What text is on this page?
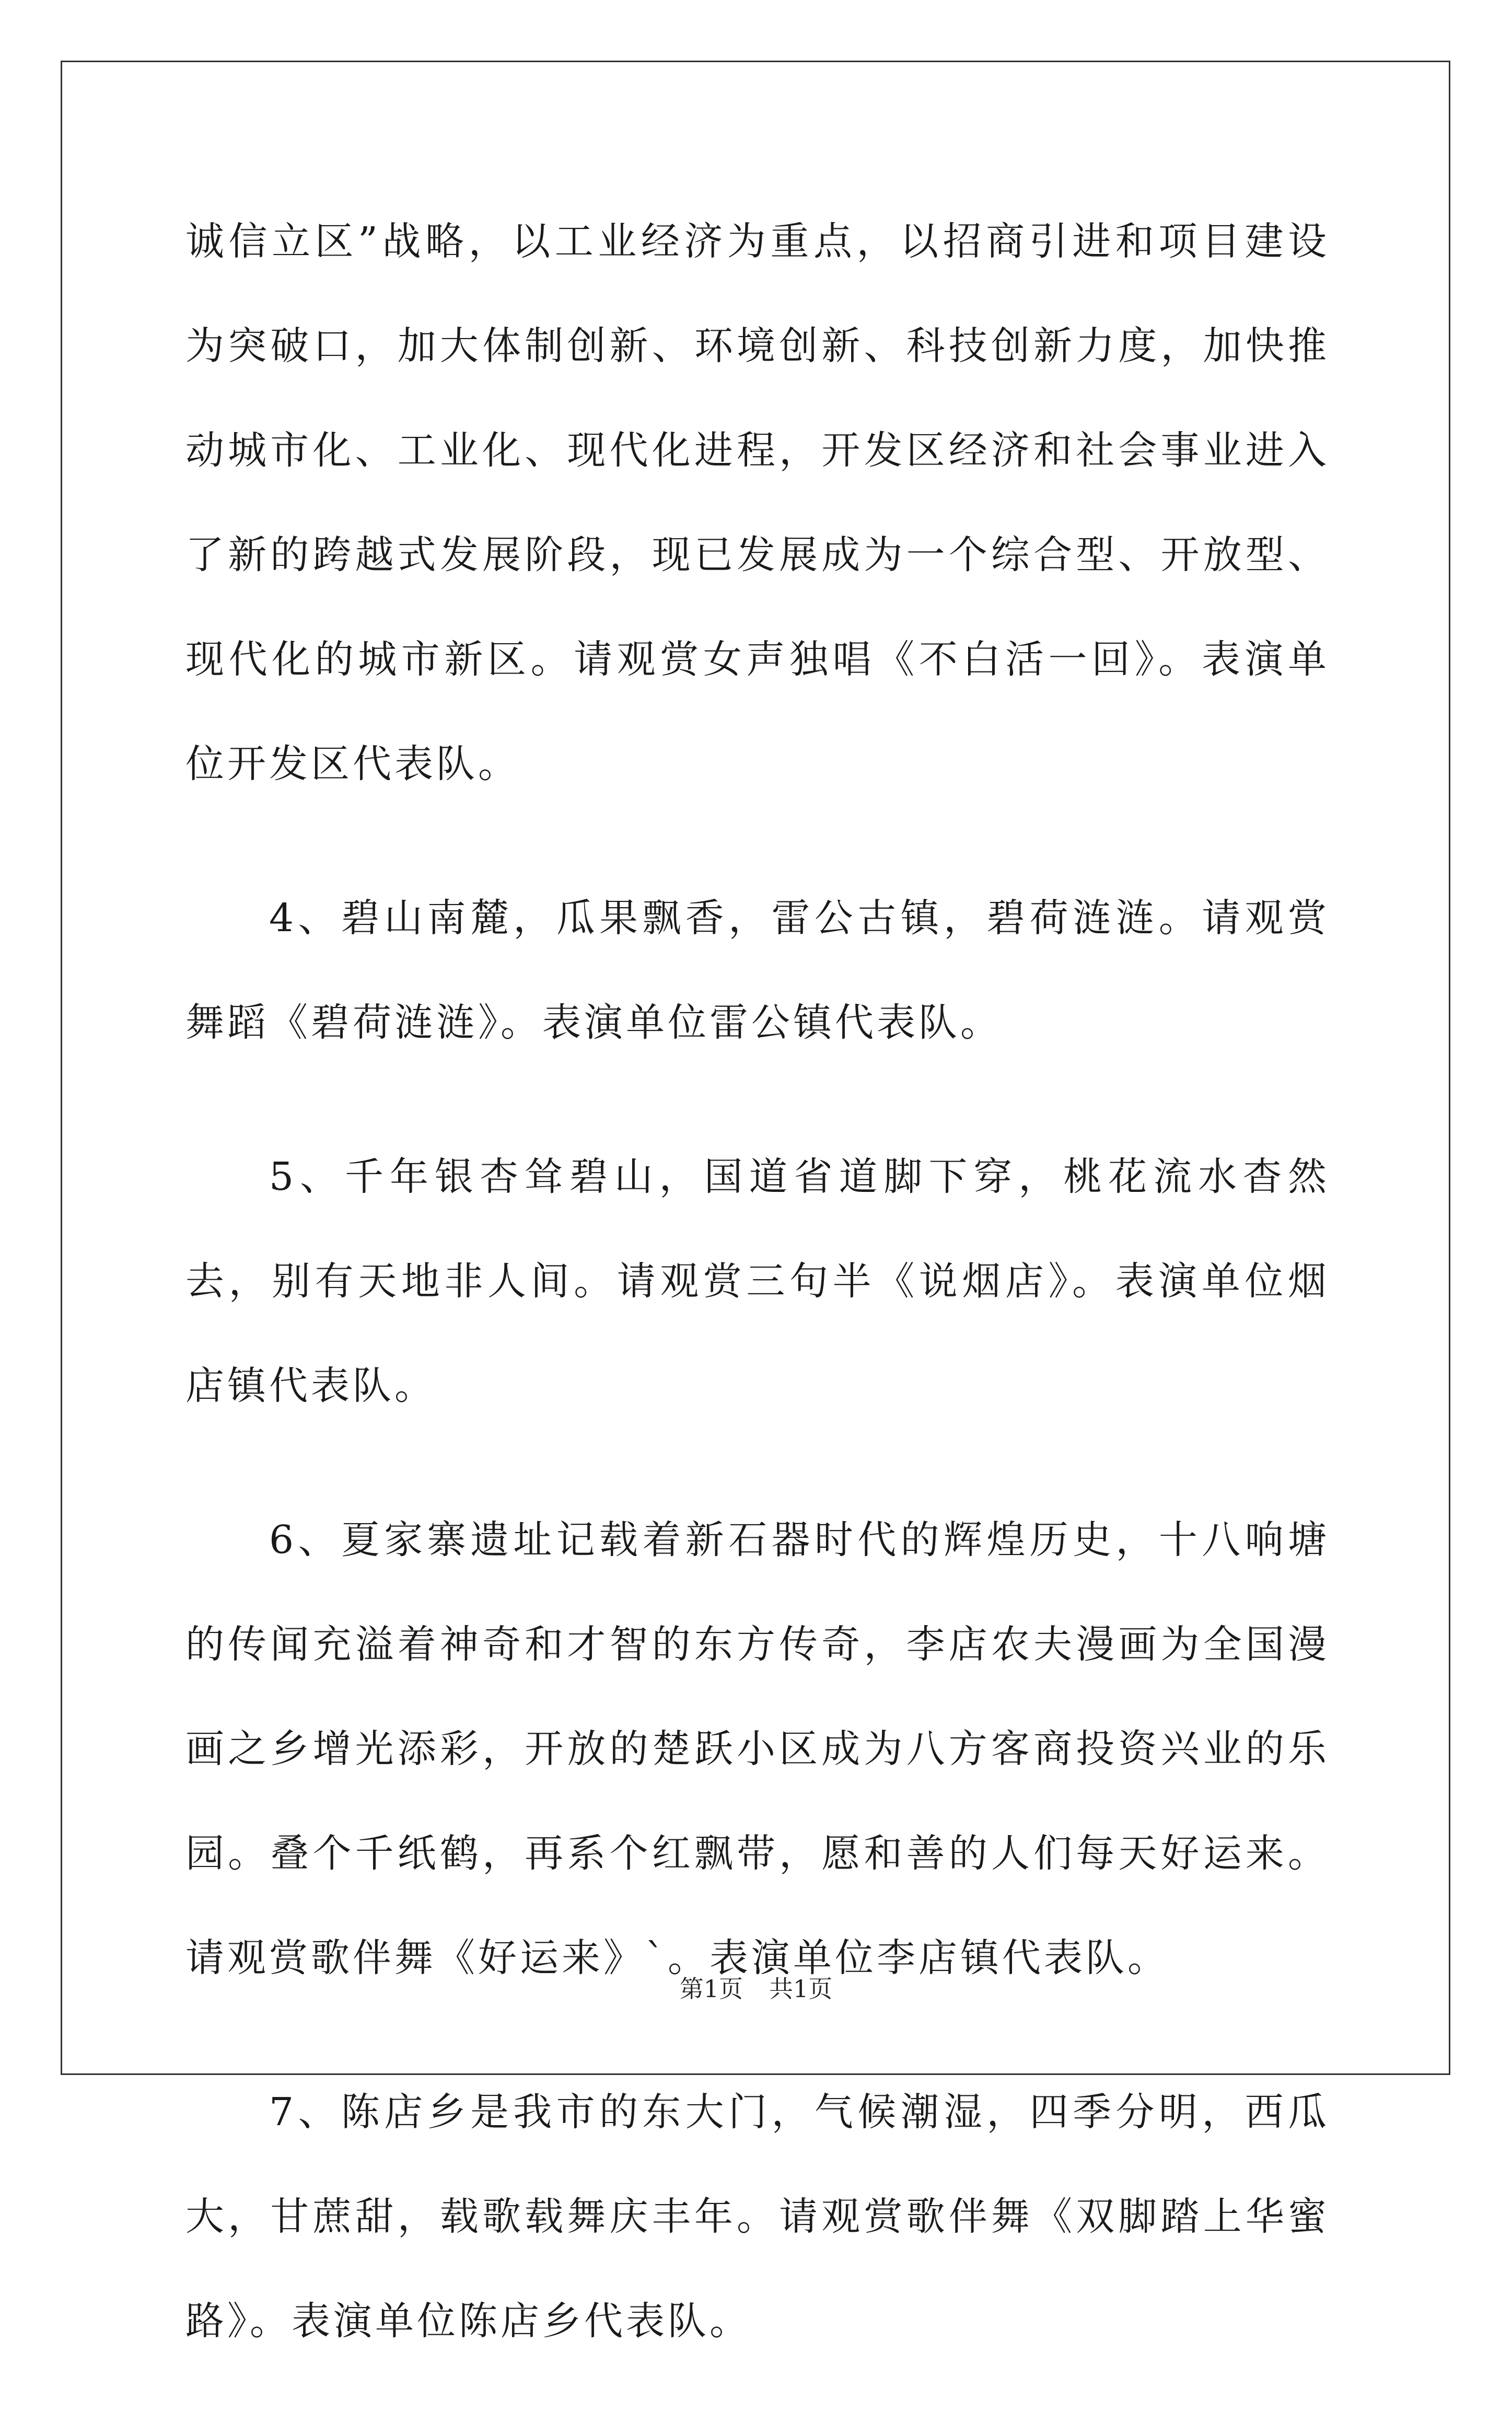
诚信立区”战略，以工业经济为重点，以招商引进和项目建设为突破口，加大体制创新、环境创新、科技创新力度，加快推动城市化、工业化、现代化进程，开发区经济和社会事业进入了新的跨越式发展阶段，现已发展成为一个综合型、开放型、现代化的城市新区。请观赏女声独唱《不白活一回》。表演单位开发区代表队。

4、碧山南麓，瓜果飘香，雷公古镇，碧荷涟涟。请观赏舞蹈《碧荷涟涟》。表演单位雷公镇代表队。

5、千年银杏耸碧山，国道省道脚下穿，桃花流水杳然去，别有天地非人间。请观赏三句半《说烟店》。表演单位烟店镇代表队。

6、夏家寨遗址记载着新石器时代的辉煌历史，十八响塘的传闻充溢着神奇和才智的东方传奇，李店农夫漫画为全国漫画之乡增光添彩，开放的楚跃小区成为八方客商投资兴业的乐园。叠个千纸鹤，再系个红飘带，愿和善的人们每天好运来。请观赏歌伴舞《好运来》`。表演单位李店镇代表队。

7、陈店乡是我市的东大门，气候潮湿，四季分明，西瓜大，甘蔗甜，载歌载舞庆丰年。请观赏歌伴舞《双脚踏上华蜜路》。表演单位陈店乡代表队。

第1页 共1页
